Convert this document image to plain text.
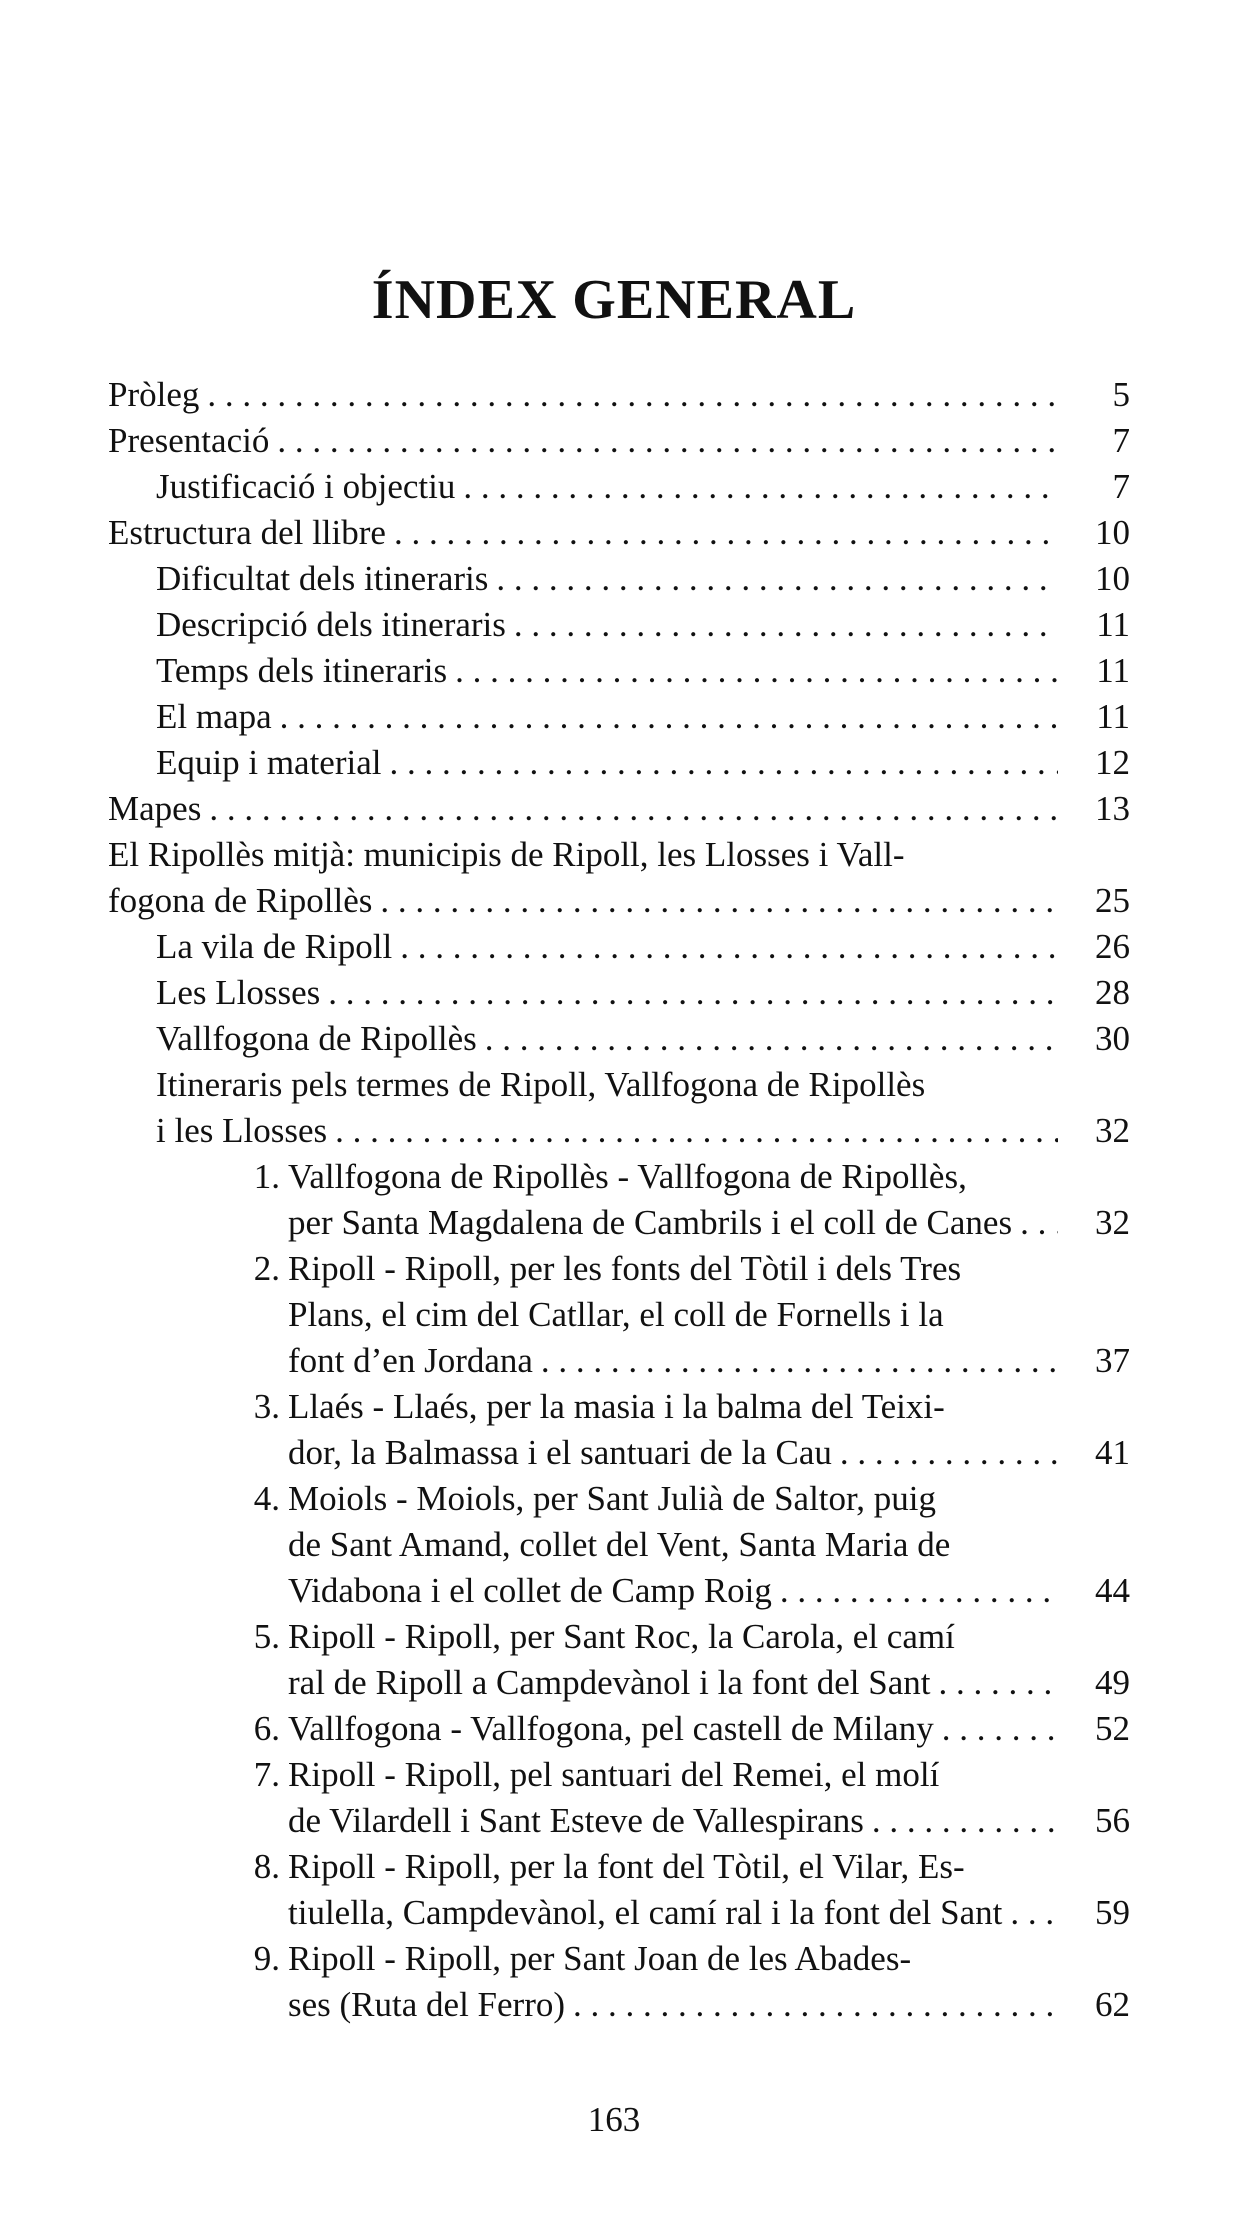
ÍNDEX GENERAL
Pròleg . . .	5
Presentació . . .	7
Justificació i objectiu . . .	7
Estructura del llibre . . .	10
Dificultat dels itineraris . . .	10
Descripció dels itineraris . . .	11
Temps dels itineraris . . .	11
El mapa . . .	11
Equip i material . . .	12
Mapes . . .	13
El Ripollès mitjà: municipis de Ripoll, les Llosses i Vall-
fogona de Ripollès . . .	25
La vila de Ripoll . . .	26
Les Llosses . . .	28
Vallfogona de Ripollès . . .	30
Itineraris pels termes de Ripoll, Vallfogona de Ripollès
i les Llosses . . .	32
1. Vallfogona de Ripollès - Vallfogona de Ripollès,
per Santa Magdalena de Cambrils i el coll de Canes . . .	32
2. Ripoll - Ripoll, per les fonts del Tòtil i dels Tres
Plans, el cim del Catllar, el coll de Fornells i la
font d’en Jordana . . .	37
3. Llaés - Llaés, per la masia i la balma del Teixi-
dor, la Balmassa i el santuari de la Cau . . .	41
4. Moiols - Moiols, per Sant Julià de Saltor, puig
de Sant Amand, collet del Vent, Santa Maria de
Vidabona i el collet de Camp Roig . . .	44
5. Ripoll - Ripoll, per Sant Roc, la Carola, el camí
ral de Ripoll a Campdevànol i la font del Sant . . .	49
6. Vallfogona - Vallfogona, pel castell de Milany . . .	52
7. Ripoll - Ripoll, pel santuari del Remei, el molí
de Vilardell i Sant Esteve de Vallespirans . . .	56
8. Ripoll - Ripoll, per la font del Tòtil, el Vilar, Es-
tiulella, Campdevànol, el camí ral i la font del Sant . . .	59
9. Ripoll - Ripoll, per Sant Joan de les Abades-
ses (Ruta del Ferro) . . .	62
163
